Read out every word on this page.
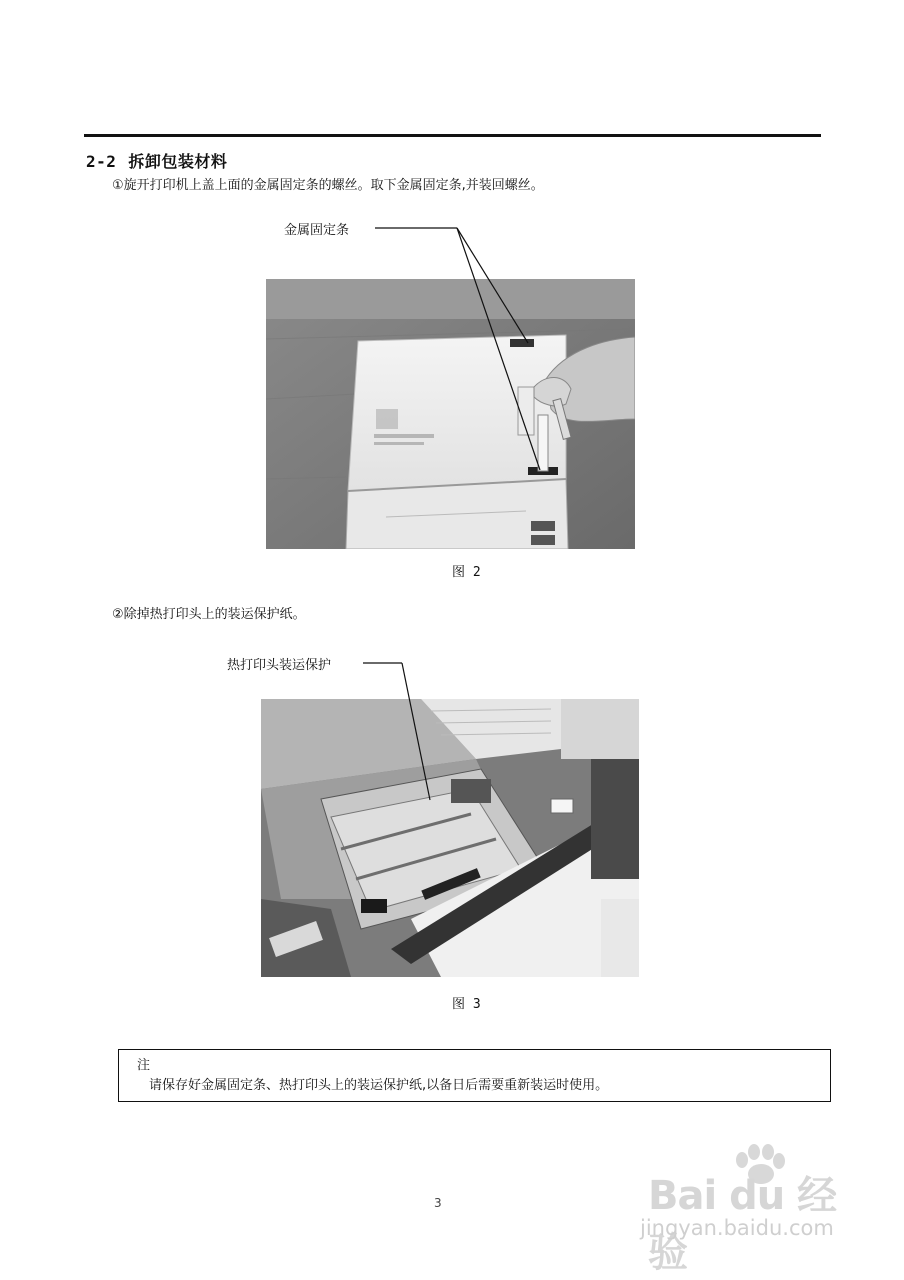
2-2 拆卸包装材料
①旋开打印机上盖上面的金属固定条的螺丝。取下金属固定条,并装回螺丝。
金属固定条
图 2
②除掉热打印头上的装运保护纸。
热打印头装运保护
图 3
注
请保存好金属固定条、热打印头上的装运保护纸,以备日后需要重新装运时使用。
3	Bai du 经验
jingyan.baidu.com
